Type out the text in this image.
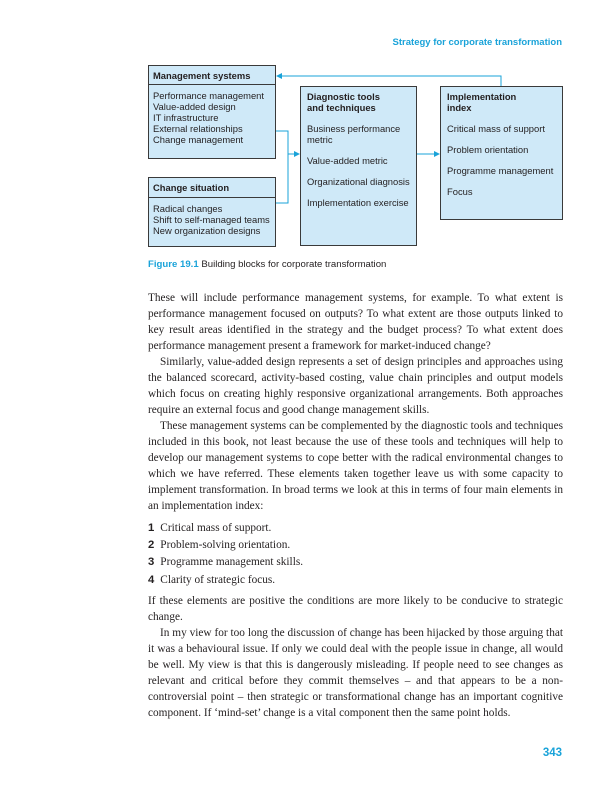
Strategy for corporate transformation
Management systems
Performance management
Value-added design
IT infrastructure
External relationships
Change management
Change situation
Radical changes
Shift to self-managed teams
New organization designs
Diagnostic tools
and techniques
Business performance
metric
Value-added metric
Organizational diagnosis
Implementation exercise
Implementation
index
Critical mass of support
Problem orientation
Programme management
Focus
Figure 19.1 Building blocks for corporate transformation

These will include performance management systems, for example. To what extent is performance management focused on outputs? To what extent are those outputs linked to key result areas identified in the strategy and the budget process? To what extent does performance management present a framework for market-induced change?

Similarly, value-added design represents a set of design principles and approaches using the balanced scorecard, activity-based costing, value chain principles and output models which focus on creating highly responsive organizational arrangements. Both approaches require an external focus and good change management skills.

These management systems can be complemented by the diagnostic tools and techniques included in this book, not least because the use of these tools and techniques will help to develop our management systems to cope better with the radical environmental changes to which we have referred. These elements taken together leave us with some capacity to implement transformation. In broad terms we look at this in terms of four main elements in an implementation index:

1 Critical mass of support.
2 Problem-solving orientation.
3 Programme management skills.
4 Clarity of strategic focus.

If these elements are positive the conditions are more likely to be conducive to strategic change.

In my view for too long the discussion of change has been hijacked by those arguing that it was a behavioural issue. If only we could deal with the people issue in change, all would be well. My view is that this is dangerously misleading. If people need to see changes as relevant and critical before they commit themselves – and that appears to be a non-controversial point – then strategic or transformational change has an important cognitive component. If ‘mind-set’ change is a vital component then the same point holds.

343
